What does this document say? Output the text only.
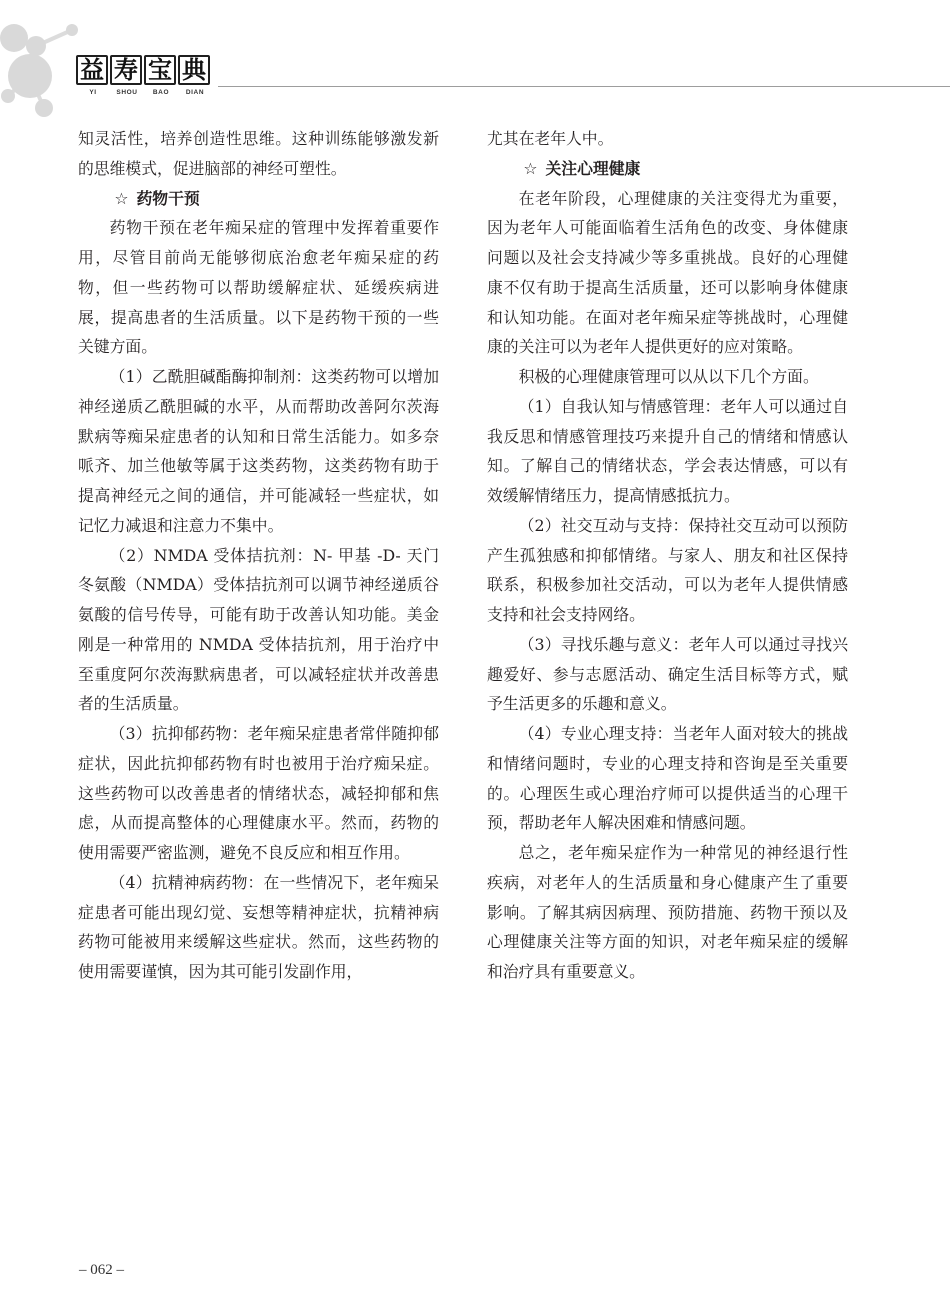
益 寿 宝 典
YI	SHOU	BAO	DIAN

知灵活性，培养创造性思维。这种训练能够激发新的思维模式，促进脑部的神经可塑性。

☆ 药物干预

药物干预在老年痴呆症的管理中发挥着重要作用，尽管目前尚无能够彻底治愈老年痴呆症的药物，但一些药物可以帮助缓解症状、延缓疾病进展，提高患者的生活质量。以下是药物干预的一些关键方面。

（1）乙酰胆碱酯酶抑制剂：这类药物可以增加神经递质乙酰胆碱的水平，从而帮助改善阿尔茨海默病等痴呆症患者的认知和日常生活能力。如多奈哌齐、加兰他敏等属于这类药物，这类药物有助于提高神经元之间的通信，并可能减轻一些症状，如记忆力减退和注意力不集中。

（2）NMDA 受体拮抗剂：N- 甲基 -D- 天门冬氨酸（NMDA）受体拮抗剂可以调节神经递质谷氨酸的信号传导，可能有助于改善认知功能。美金刚是一种常用的 NMDA 受体拮抗剂，用于治疗中至重度阿尔茨海默病患者，可以减轻症状并改善患者的生活质量。

（3）抗抑郁药物：老年痴呆症患者常伴随抑郁症状，因此抗抑郁药物有时也被用于治疗痴呆症。这些药物可以改善患者的情绪状态，减轻抑郁和焦虑，从而提高整体的心理健康水平。然而，药物的使用需要严密监测，避免不良反应和相互作用。

（4）抗精神病药物：在一些情况下，老年痴呆症患者可能出现幻觉、妄想等精神症状，抗精神病药物可能被用来缓解这些症状。然而，这些药物的使用需要谨慎，因为其可能引发副作用，

尤其在老年人中。

☆ 关注心理健康

在老年阶段，心理健康的关注变得尤为重要，因为老年人可能面临着生活角色的改变、身体健康问题以及社会支持减少等多重挑战。良好的心理健康不仅有助于提高生活质量，还可以影响身体健康和认知功能。在面对老年痴呆症等挑战时，心理健康的关注可以为老年人提供更好的应对策略。

积极的心理健康管理可以从以下几个方面。

（1）自我认知与情感管理：老年人可以通过自我反思和情感管理技巧来提升自己的情绪和情感认知。了解自己的情绪状态，学会表达情感，可以有效缓解情绪压力，提高情感抵抗力。

（2）社交互动与支持：保持社交互动可以预防产生孤独感和抑郁情绪。与家人、朋友和社区保持联系，积极参加社交活动，可以为老年人提供情感支持和社会支持网络。

（3）寻找乐趣与意义：老年人可以通过寻找兴趣爱好、参与志愿活动、确定生活目标等方式，赋予生活更多的乐趣和意义。

（4）专业心理支持：当老年人面对较大的挑战和情绪问题时，专业的心理支持和咨询是至关重要的。心理医生或心理治疗师可以提供适当的心理干预，帮助老年人解决困难和情感问题。

总之，老年痴呆症作为一种常见的神经退行性疾病，对老年人的生活质量和身心健康产生了重要影响。了解其病因病理、预防措施、药物干预以及心理健康关注等方面的知识，对老年痴呆症的缓解和治疗具有重要意义。

– 062 –
